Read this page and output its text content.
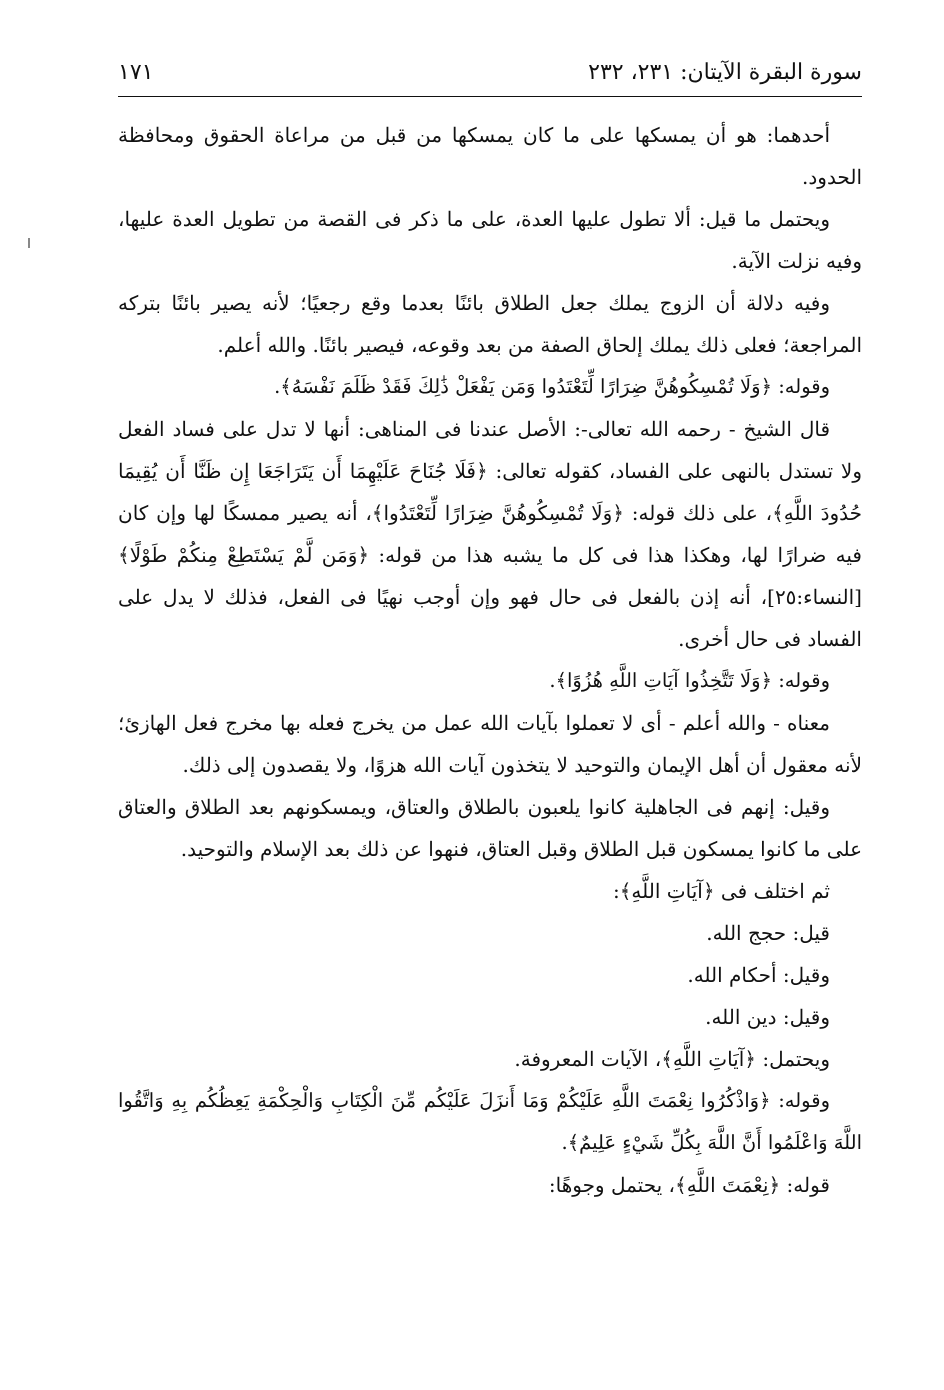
سورة البقرة الآيتان: ٢٣١، ٢٣٢
١٧١

أحدهما: هو أن يمسكها على ما كان يمسكها من قبل من مراعاة الحقوق ومحافظة الحدود.

ويحتمل ما قيل: ألا تطول عليها العدة، على ما ذكر فى القصة من تطويل العدة عليها، وفيه نزلت الآية.

وفيه دلالة أن الزوج يملك جعل الطلاق بائنًا بعدما وقع رجعيًا؛ لأنه يصير بائنًا بتركه المراجعة؛ فعلى ذلك يملك إلحاق الصفة من بعد وقوعه، فيصير بائنًا. والله أعلم.

وقوله: ﴿وَلَا تُمْسِكُوهُنَّ ضِرَارًا لِّتَعْتَدُوا وَمَن يَفْعَلْ ذَٰلِكَ فَقَدْ ظَلَمَ نَفْسَهُ﴾.

قال الشيخ - رحمه الله تعالى-: الأصل عندنا فى المناهى: أنها لا تدل على فساد الفعل ولا تستدل بالنهى على الفساد، كقوله تعالى: ﴿فَلَا جُنَاحَ عَلَيْهِمَا أَن يَتَرَاجَعَا إِن ظَنَّا أَن يُقِيمَا حُدُودَ اللَّهِ﴾، على ذلك قوله: ﴿وَلَا تُمْسِكُوهُنَّ ضِرَارًا لِّتَعْتَدُوا﴾، أنه يصير ممسكًا لها وإن كان فيه ضرارًا لها، وهكذا هذا فى كل ما يشبه هذا من قوله: ﴿وَمَن لَّمْ يَسْتَطِعْ مِنكُمْ طَوْلًا﴾ [النساء:٢٥]، أنه إذن بالفعل فى حال فهو وإن أوجب نهيًا فى الفعل، فذلك لا يدل على الفساد فى حال أخرى.

وقوله: ﴿وَلَا تَتَّخِذُوا آيَاتِ اللَّهِ هُزُوًا﴾.

معناه - والله أعلم - أى لا تعملوا بآيات الله عمل من يخرج فعله بها مخرج فعل الهازئ؛ لأنه معقول أن أهل الإيمان والتوحيد لا يتخذون آيات الله هزوًا، ولا يقصدون إلى ذلك.

وقيل: إنهم فى الجاهلية كانوا يلعبون بالطلاق والعتاق، ويمسكونهم بعد الطلاق والعتاق على ما كانوا يمسكون قبل الطلاق وقبل العتاق، فنهوا عن ذلك بعد الإسلام والتوحيد.

ثم اختلف فى ﴿آيَاتِ اللَّهِ﴾:

قيل: حجج الله.

وقيل: أحكام الله.

وقيل: دين الله.

ويحتمل: ﴿آيَاتِ اللَّهِ﴾، الآيات المعروفة.

وقوله: ﴿وَاذْكُرُوا نِعْمَتَ اللَّهِ عَلَيْكُمْ وَمَا أَنزَلَ عَلَيْكُم مِّنَ الْكِتَابِ وَالْحِكْمَةِ يَعِظُكُم بِهِ وَاتَّقُوا اللَّهَ وَاعْلَمُوا أَنَّ اللَّهَ بِكُلِّ شَيْءٍ عَلِيمٌ﴾.

قوله: ﴿نِعْمَتَ اللَّهِ﴾، يحتمل وجوهًا:
